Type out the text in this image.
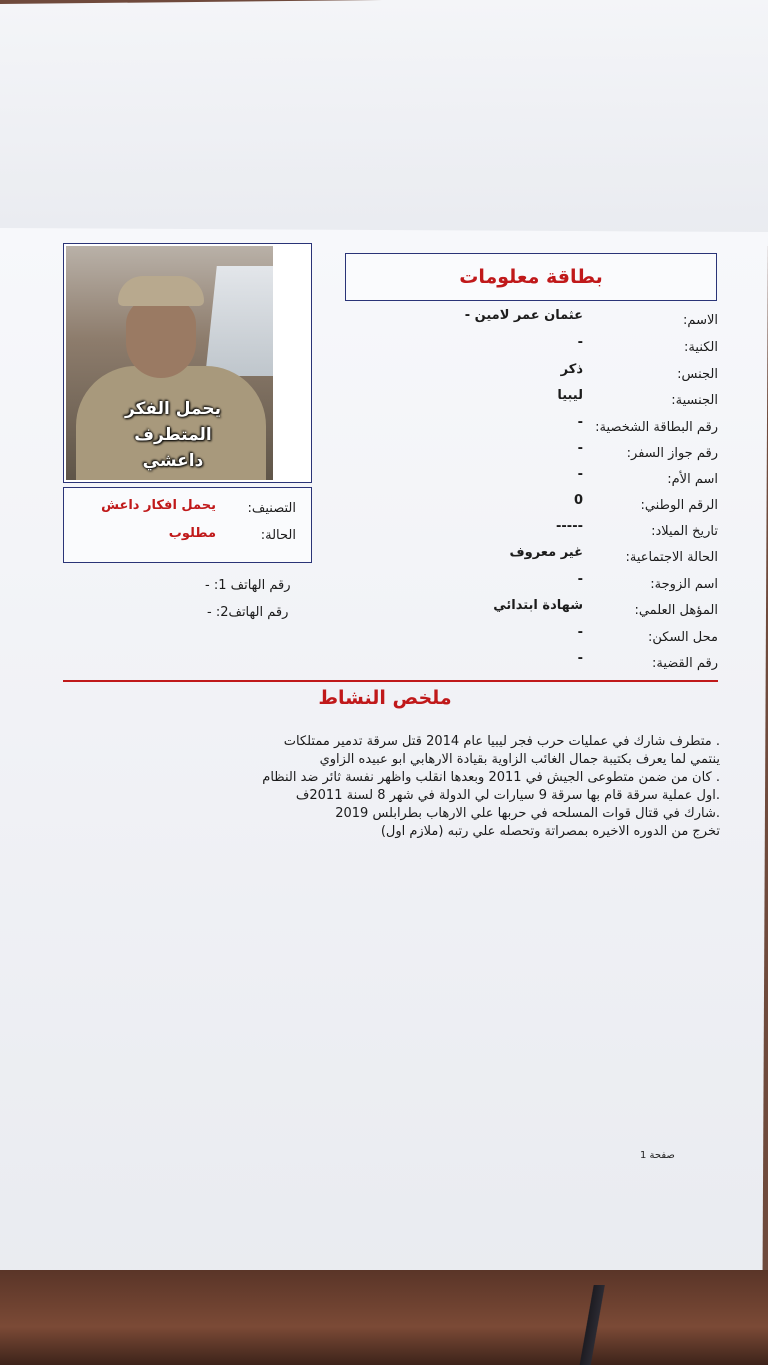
بطاقة معلومات
يحمل الفكر
المتطرف
داعشي
التصنيف:
يحمل افكار داعش
الحالة:
مطلوب
رقم الهاتف 1: -
رقم الهاتف2: -
الاسم:
عثمان عمر لامين -
الكنية:
-
الجنس:
ذكر
الجنسية:
ليبيا
رقم البطاقة الشخصية:
-
رقم جواز السفر:
-
اسم الأم:
-
الرقم الوطني:
0
تاريخ الميلاد:
-----
الحالة الاجتماعية:
غير معروف
اسم الزوجة:
-
المؤهل العلمي:
شهادة ابتدائي
محل السكن:
-
رقم القضية:
-
ملخص النشاط
. متطرف شارك في عمليات حرب فجر ليبيا عام 2014 قتل سرقة تدمير ممتلكات
ينتمي لما يعرف بكتيبة جمال الغائب الزاوية بقيادة الارهابي ابو عبيده الزاوي
. كان من ضمن متطوعى الجيش في 2011 وبعدها انقلب واظهر نفسة ثائر ضد النظام
.اول عملية سرقة قام بها سرقة 9 سيارات لي الدولة في شهر 8 لسنة 2011ف
.شارك في قتال قوات المسلحه في حربها علي الارهاب بطرابلس 2019
تخرج من الدوره الاخيره بمصراتة وتحصله علي رتبه (ملازم اول)
صفحة 1
